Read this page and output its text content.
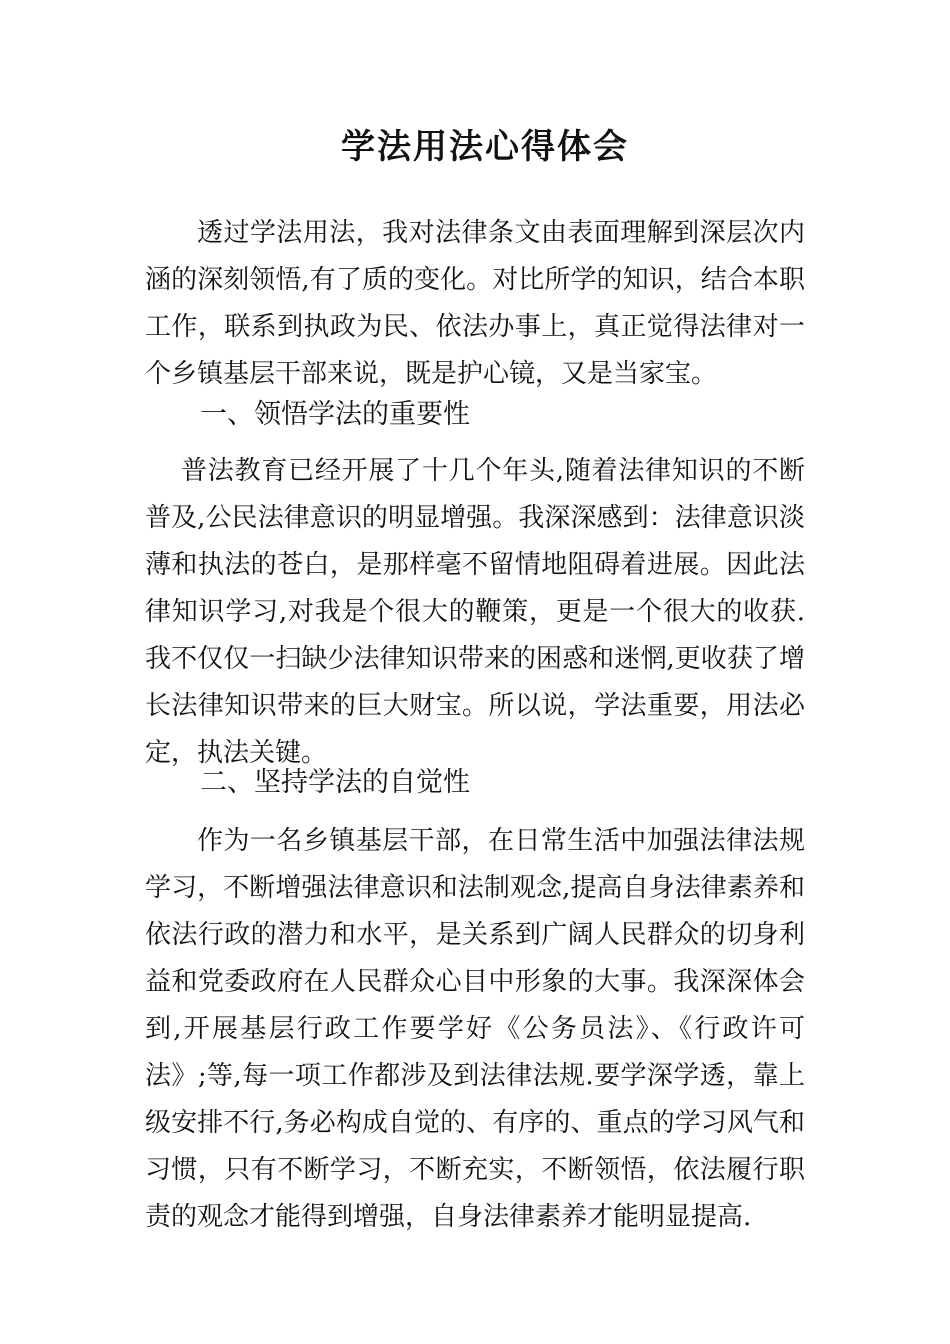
学法用法心得体会

透过学法用法，我对法律条文由表面理解到深层次内涵的深刻领悟,有了质的变化。对比所学的知识，结合本职工作，联系到执政为民、依法办事上，真正觉得法律对一个乡镇基层干部来说，既是护心镜，又是当家宝。

一、领悟学法的重要性

普法教育已经开展了十几个年头,随着法律知识的不断普及,公民法律意识的明显增强。我深深感到：法律意识淡薄和执法的苍白，是那样毫不留情地阻碍着进展。因此法律知识学习,对我是个很大的鞭策，更是一个很大的收获.我不仅仅一扫缺少法律知识带来的困惑和迷惘,更收获了增长法律知识带来的巨大财宝。所以说，学法重要，用法必定，执法关键。

二、坚持学法的自觉性

作为一名乡镇基层干部，在日常生活中加强法律法规学习，不断增强法律意识和法制观念,提高自身法律素养和依法行政的潜力和水平，是关系到广阔人民群众的切身利益和党委政府在人民群众心目中形象的大事。我深深体会到,开展基层行政工作要学好《公务员法》、《行政许可法》;等,每一项工作都涉及到法律法规.要学深学透，靠上级安排不行,务必构成自觉的、有序的、重点的学习风气和习惯，只有不断学习，不断充实，不断领悟，依法履行职责的观念才能得到增强，自身法律素养才能明显提高.
